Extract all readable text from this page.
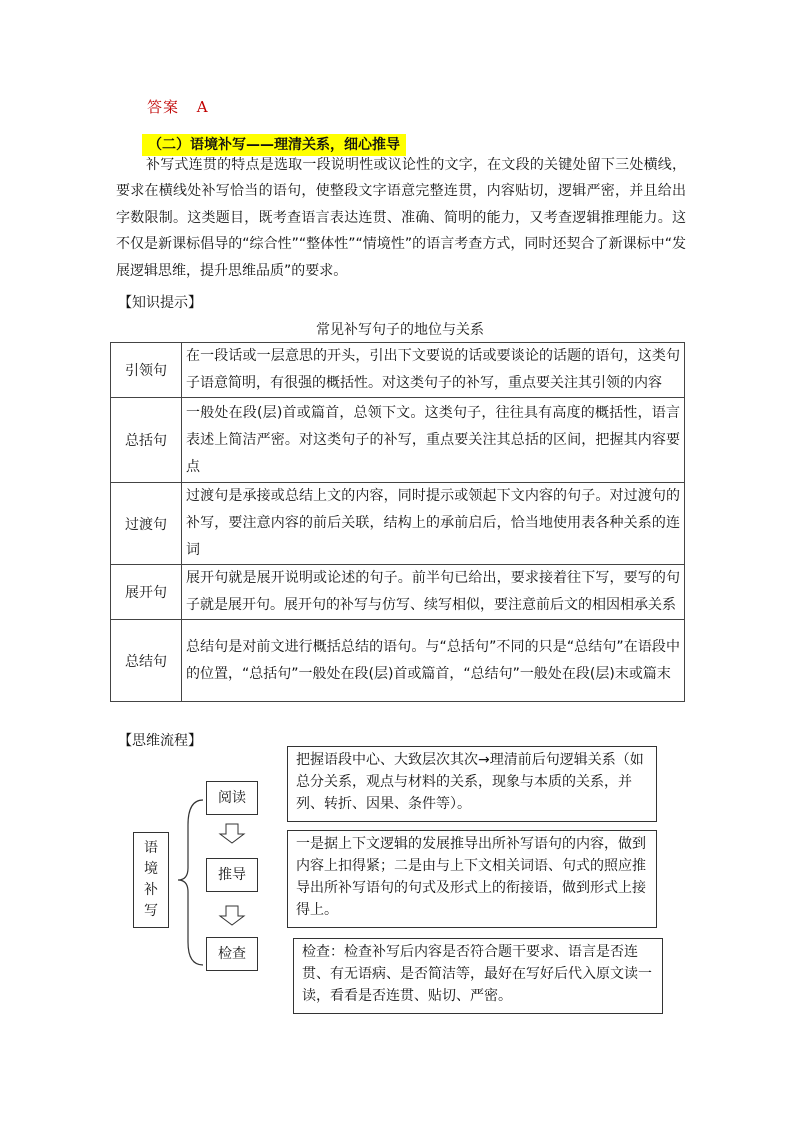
答案 A
（二）语境补写——理清关系，细心推导

补写式连贯的特点是选取一段说明性或议论性的文字，在文段的关键处留下三处横线，要求在横线处补写恰当的语句，使整段文字语意完整连贯，内容贴切，逻辑严密，并且给出字数限制。这类题目，既考查语言表达连贯、准确、简明的能力，又考查逻辑推理能力。这不仅是新课标倡导的“综合性”“整体性”“情境性”的语言考查方式，同时还契合了新课标中“发展逻辑思维，提升思维品质”的要求。

【知识提示】
常见补写句子的地位与关系
引领句	在一段话或一层意思的开头，引出下文要说的话或要谈论的话题的语句，这类句子语意简明，有很强的概括性。对这类句子的补写，重点要关注其引领的内容
总括句	一般处在段(层)首或篇首，总领下文。这类句子，往往具有高度的概括性，语言表述上简洁严密。对这类句子的补写，重点要关注其总括的区间，把握其内容要点
过渡句	过渡句是承接或总结上文的内容，同时提示或领起下文内容的句子。对过渡句的补写，要注意内容的前后关联，结构上的承前启后，恰当地使用表各种关系的连词
展开句	展开句就是展开说明或论述的句子。前半句已给出，要求接着往下写，要写的句子就是展开句。展开句的补写与仿写、续写相似，要注意前后文的相因相承关系
总结句	总结句是对前文进行概括总结的语句。与“总括句”不同的只是“总结句”在语段中的位置，“总括句”一般处在段(层)首或篇首，“总结句”一般处在段(层)末或篇末
【思维流程】
语
境
补
写
阅读
推导
检查
把握语段中心、大致层次其次→理清前后句逻辑关系（如总分关系，观点与材料的关系，现象与本质的关系，并列、转折、因果、条件等）。
一是据上下文逻辑的发展推导出所补写语句的内容，做到内容上扣得紧；二是由与上下文相关词语、句式的照应推导出所补写语句的句式及形式上的衔接语，做到形式上接得上。
检查：检查补写后内容是否符合题干要求、语言是否连贯、有无语病、是否简洁等，最好在写好后代入原文读一读，看看是否连贯、贴切、严密。
